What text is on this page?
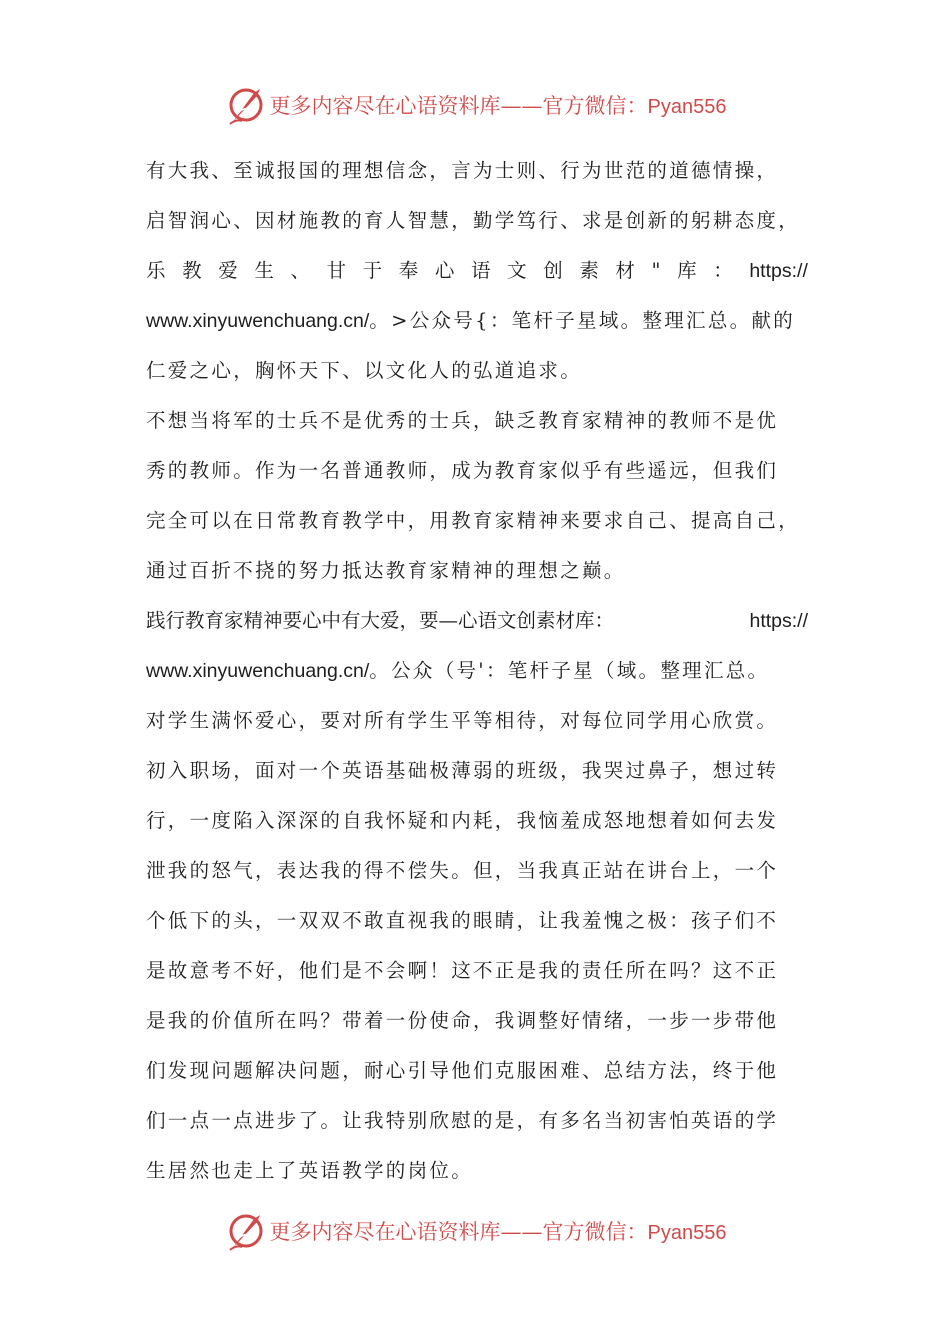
更多内容尽在心语资料库——官方微信：Pyan556
有大我、至诚报国的理想信念，言为士则、行为世范的道德情操，
启智润心、因材施教的育人智慧，勤学笃行、求是创新的躬耕态度，
乐 教 爱 生 、 甘 于 奉 心 语 文 创 素 材 " 库 ： https://
www.xinyuwenchuang.cn/。>公众号{：笔杆子星域。整理汇总。献的
仁爱之心，胸怀天下、以文化人的弘道追求。
不想当将军的士兵不是优秀的士兵，缺乏教育家精神的教师不是优
秀的教师。作为一名普通教师，成为教育家似乎有些遥远，但我们
完全可以在日常教育教学中，用教育家精神来要求自己、提高自己，
通过百折不挠的努力抵达教育家精神的理想之巅。
践行教育家精神要心中有大爱，要—心语文创素材库：	https://
www.xinyuwenchuang.cn/。公众（号'：笔杆子星（域。整理汇总。
对学生满怀爱心，要对所有学生平等相待，对每位同学用心欣赏。
初入职场，面对一个英语基础极薄弱的班级，我哭过鼻子，想过转
行，一度陷入深深的自我怀疑和内耗，我恼羞成怒地想着如何去发
泄我的怒气，表达我的得不偿失。但，当我真正站在讲台上，一个
个低下的头，一双双不敢直视我的眼睛，让我羞愧之极：孩子们不
是故意考不好，他们是不会啊！这不正是我的责任所在吗？这不正
是我的价值所在吗？带着一份使命，我调整好情绪，一步一步带他
们发现问题解决问题，耐心引导他们克服困难、总结方法，终于他
们一点一点进步了。让我特别欣慰的是，有多名当初害怕英语的学
生居然也走上了英语教学的岗位。
更多内容尽在心语资料库——官方微信：Pyan556
